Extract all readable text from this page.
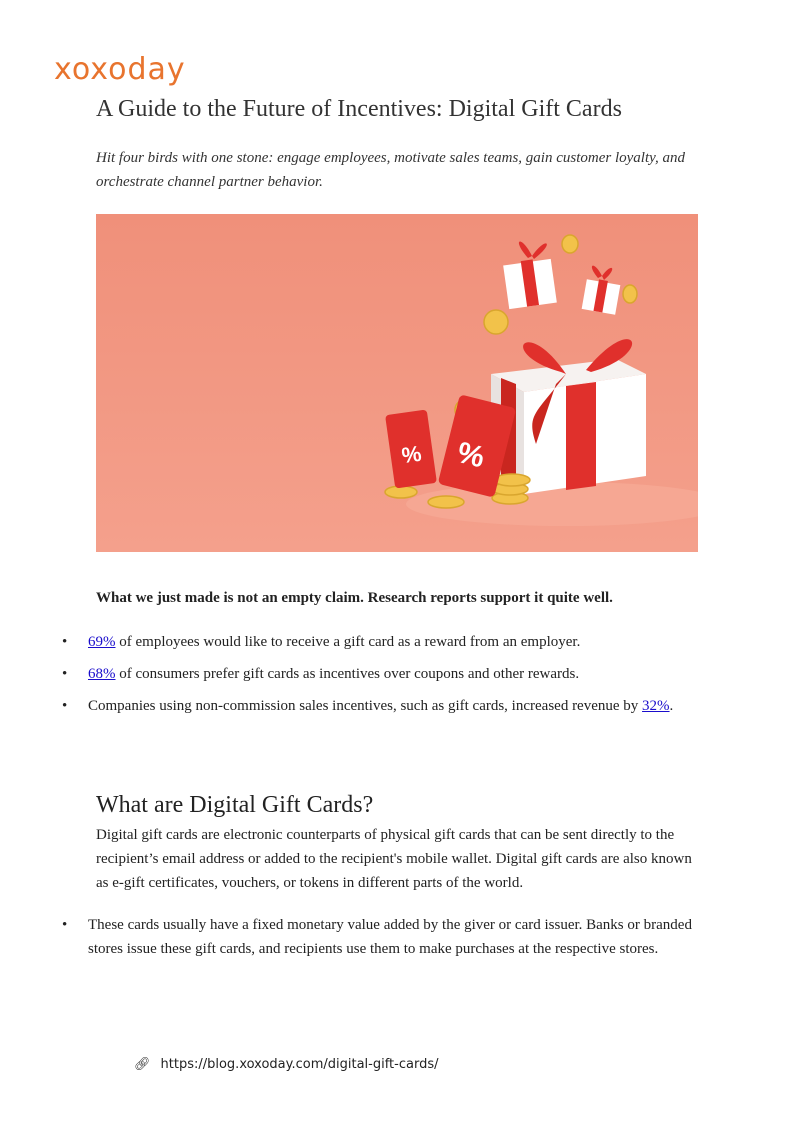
xoxoday
A Guide to the Future of Incentives: Digital Gift Cards

Hit four birds with one stone: engage employees, motivate sales teams, gain customer loyalty, and orchestrate channel partner behavior.

% %

What we just made is not an empty claim. Research reports support it quite well.

• 69% of employees would like to receive a gift card as a reward from an employer.
• 68% of consumers prefer gift cards as incentives over coupons and other rewards.
• Companies using non-commission sales incentives, such as gift cards, increased revenue by 32%.
What are Digital Gift Cards?

Digital gift cards are electronic counterparts of physical gift cards that can be sent directly to the recipient’s email address or added to the recipient's mobile wallet. Digital gift cards are also known as e-gift certificates, vouchers, or tokens in different parts of the world.

• These cards usually have a fixed monetary value added by the giver or card issuer. Banks or branded stores issue these gift cards, and recipients use them to make purchases at the respective stores.
🔗︎ https://blog.xoxoday.com/digital-gift-cards/
